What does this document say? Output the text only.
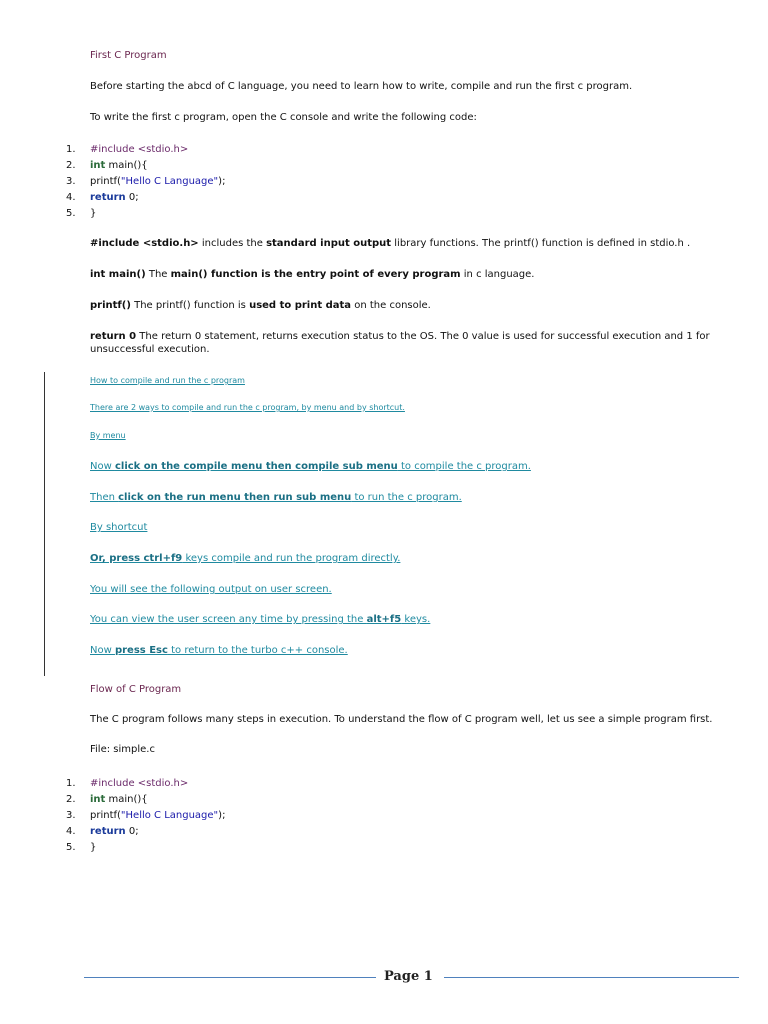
First C Program

Before starting the abcd of C language, you need to learn how to write, compile and run the first c program.

To write the first c program, open the C console and write the following code:

1. #include <stdio.h>
2. int main(){
3. printf("Hello C Language");
4. return 0;
5. }

#include <stdio.h> includes the standard input output library functions. The printf() function is defined in stdio.h .

int main() The main() function is the entry point of every program in c language.

printf() The printf() function is used to print data on the console.

return 0 The return 0 statement, returns execution status to the OS. The 0 value is used for successful execution and 1 for unsuccessful execution.

How to compile and run the c program

There are 2 ways to compile and run the c program, by menu and by shortcut.

By menu

Now click on the compile menu then compile sub menu to compile the c program.

Then click on the run menu then run sub menu to run the c program.

By shortcut

Or, press ctrl+f9 keys compile and run the program directly.

You will see the following output on user screen.

You can view the user screen any time by pressing the alt+f5 keys.

Now press Esc to return to the turbo c++ console.

Flow of C Program

The C program follows many steps in execution. To understand the flow of C program well, let us see a simple program first.

File: simple.c

1. #include <stdio.h>
2. int main(){
3. printf("Hello C Language");
4. return 0;
5. }

Page 1
